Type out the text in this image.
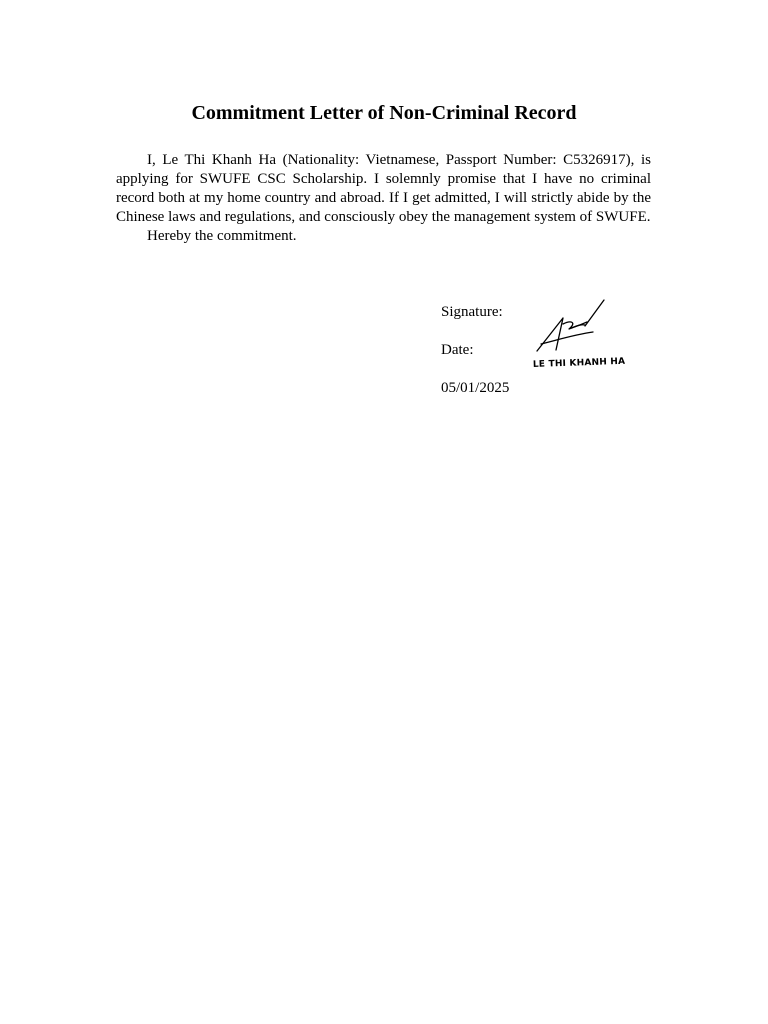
Commitment Letter of Non-Criminal Record

I, Le Thi Khanh Ha (Nationality: Vietnamese, Passport Number: C5326917), is applying for SWUFE CSC Scholarship. I solemnly promise that I have no criminal record both at my home country and abroad. If I get admitted, I will strictly abide by the Chinese laws and regulations, and consciously obey the management system of SWUFE.

Hereby the commitment.

Signature:
Date:
05/01/2025
LE THI KHANH HA
